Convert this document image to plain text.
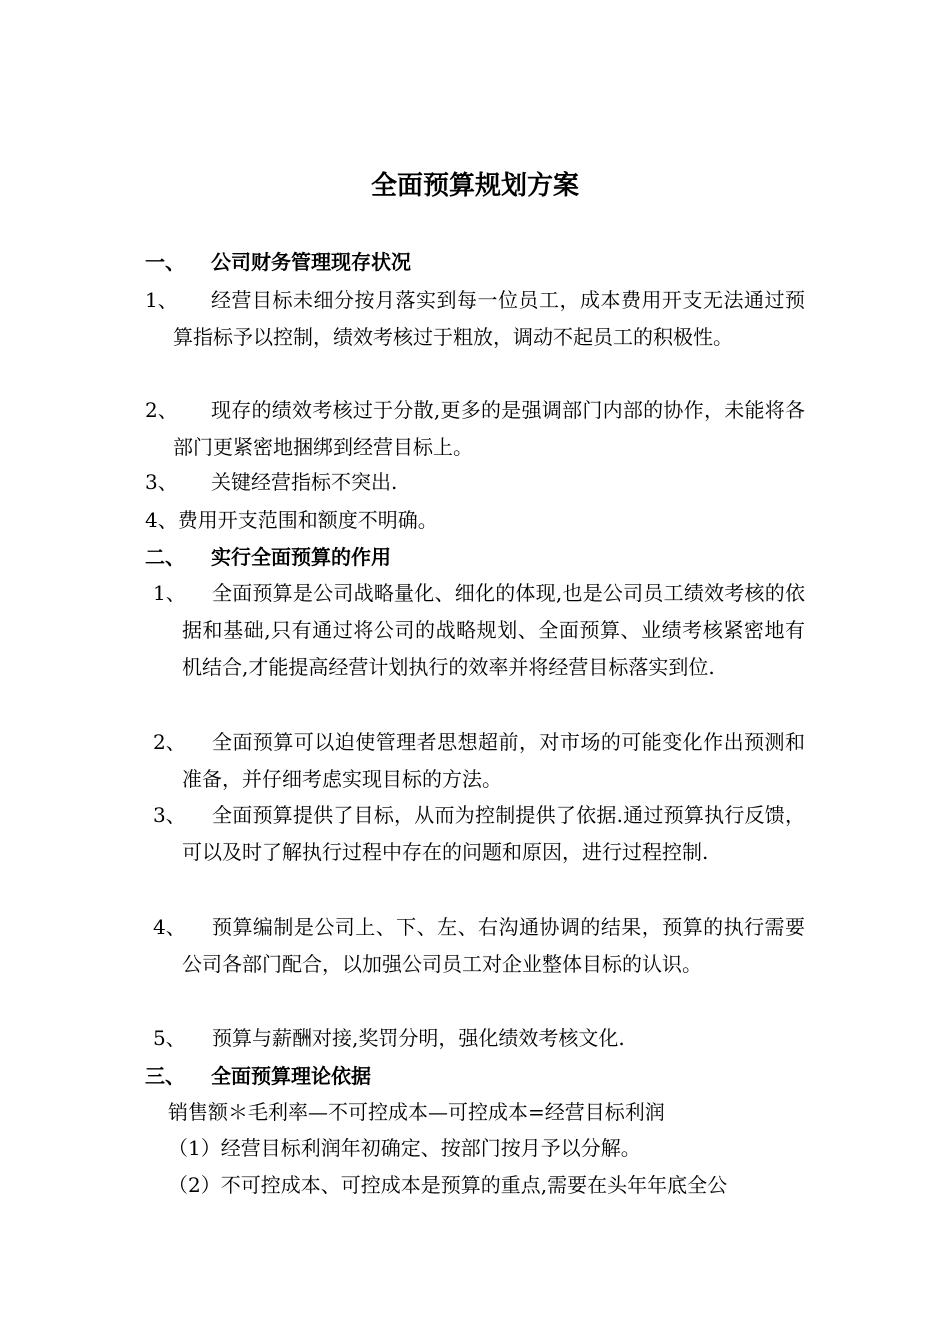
全面预算规划方案
一、 公司财务管理现存状况
1、	经营目标未细分按月落实到每一位员工，成本费用开支无法通过预算指标予以控制，绩效考核过于粗放，调动不起员工的积极性。
2、	现存的绩效考核过于分散,更多的是强调部门内部的协作，未能将各部门更紧密地捆绑到经营目标上。
3、 关键经营指标不突出.
4、费用开支范围和额度不明确。
二、 实行全面预算的作用
1、	全面预算是公司战略量化、细化的体现,也是公司员工绩效考核的依据和基础,只有通过将公司的战略规划、全面预算、业绩考核紧密地有机结合,才能提高经营计划执行的效率并将经营目标落实到位.
2、	全面预算可以迫使管理者思想超前，对市场的可能变化作出预测和准备，并仔细考虑实现目标的方法。
3、	全面预算提供了目标，从而为控制提供了依据.通过预算执行反馈，可以及时了解执行过程中存在的问题和原因，进行过程控制.
4、	预算编制是公司上、下、左、右沟通协调的结果，预算的执行需要公司各部门配合，以加强公司员工对企业整体目标的认识。
5、 预算与薪酬对接,奖罚分明，强化绩效考核文化.
三、 全面预算理论依据
销售额＊毛利率—不可控成本—可控成本=经营目标利润
（1）经营目标利润年初确定、按部门按月予以分解。
（2）不可控成本、可控成本是预算的重点,需要在头年年底全公
